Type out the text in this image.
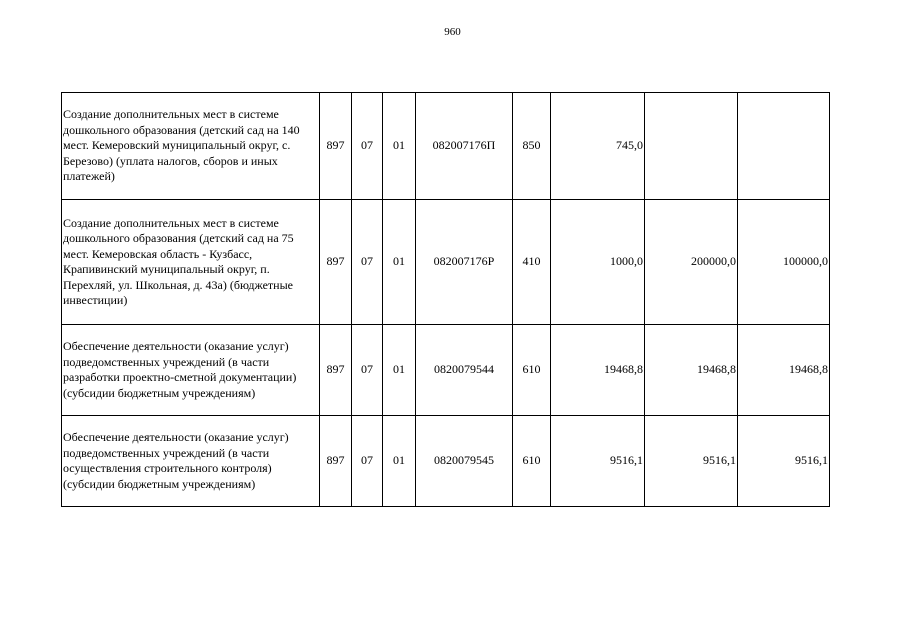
960
Создание дополнительных мест в системе дошкольного образования (детский сад на 140 мест. Кемеровский муниципальный округ, с. Березово) (уплата налогов, сборов и иных платежей)	897	07	01	082007176П	850	745,0		
Создание дополнительных мест в системе дошкольного образования (детский сад на 75 мест. Кемеровская область - Кузбасс, Крапивинский муниципальный округ, п. Перехляй, ул. Школьная, д. 43а) (бюджетные инвестиции)	897	07	01	082007176Р	410	1000,0	200000,0	100000,0
Обеспечение деятельности (оказание услуг) подведомственных учреждений (в части разработки проектно-сметной документации) (субсидии бюджетным учреждениям)	897	07	01	0820079544	610	19468,8	19468,8	19468,8
Обеспечение деятельности (оказание услуг) подведомственных учреждений (в части осуществления строительного контроля) (субсидии бюджетным учреждениям)	897	07	01	0820079545	610	9516,1	9516,1	9516,1
